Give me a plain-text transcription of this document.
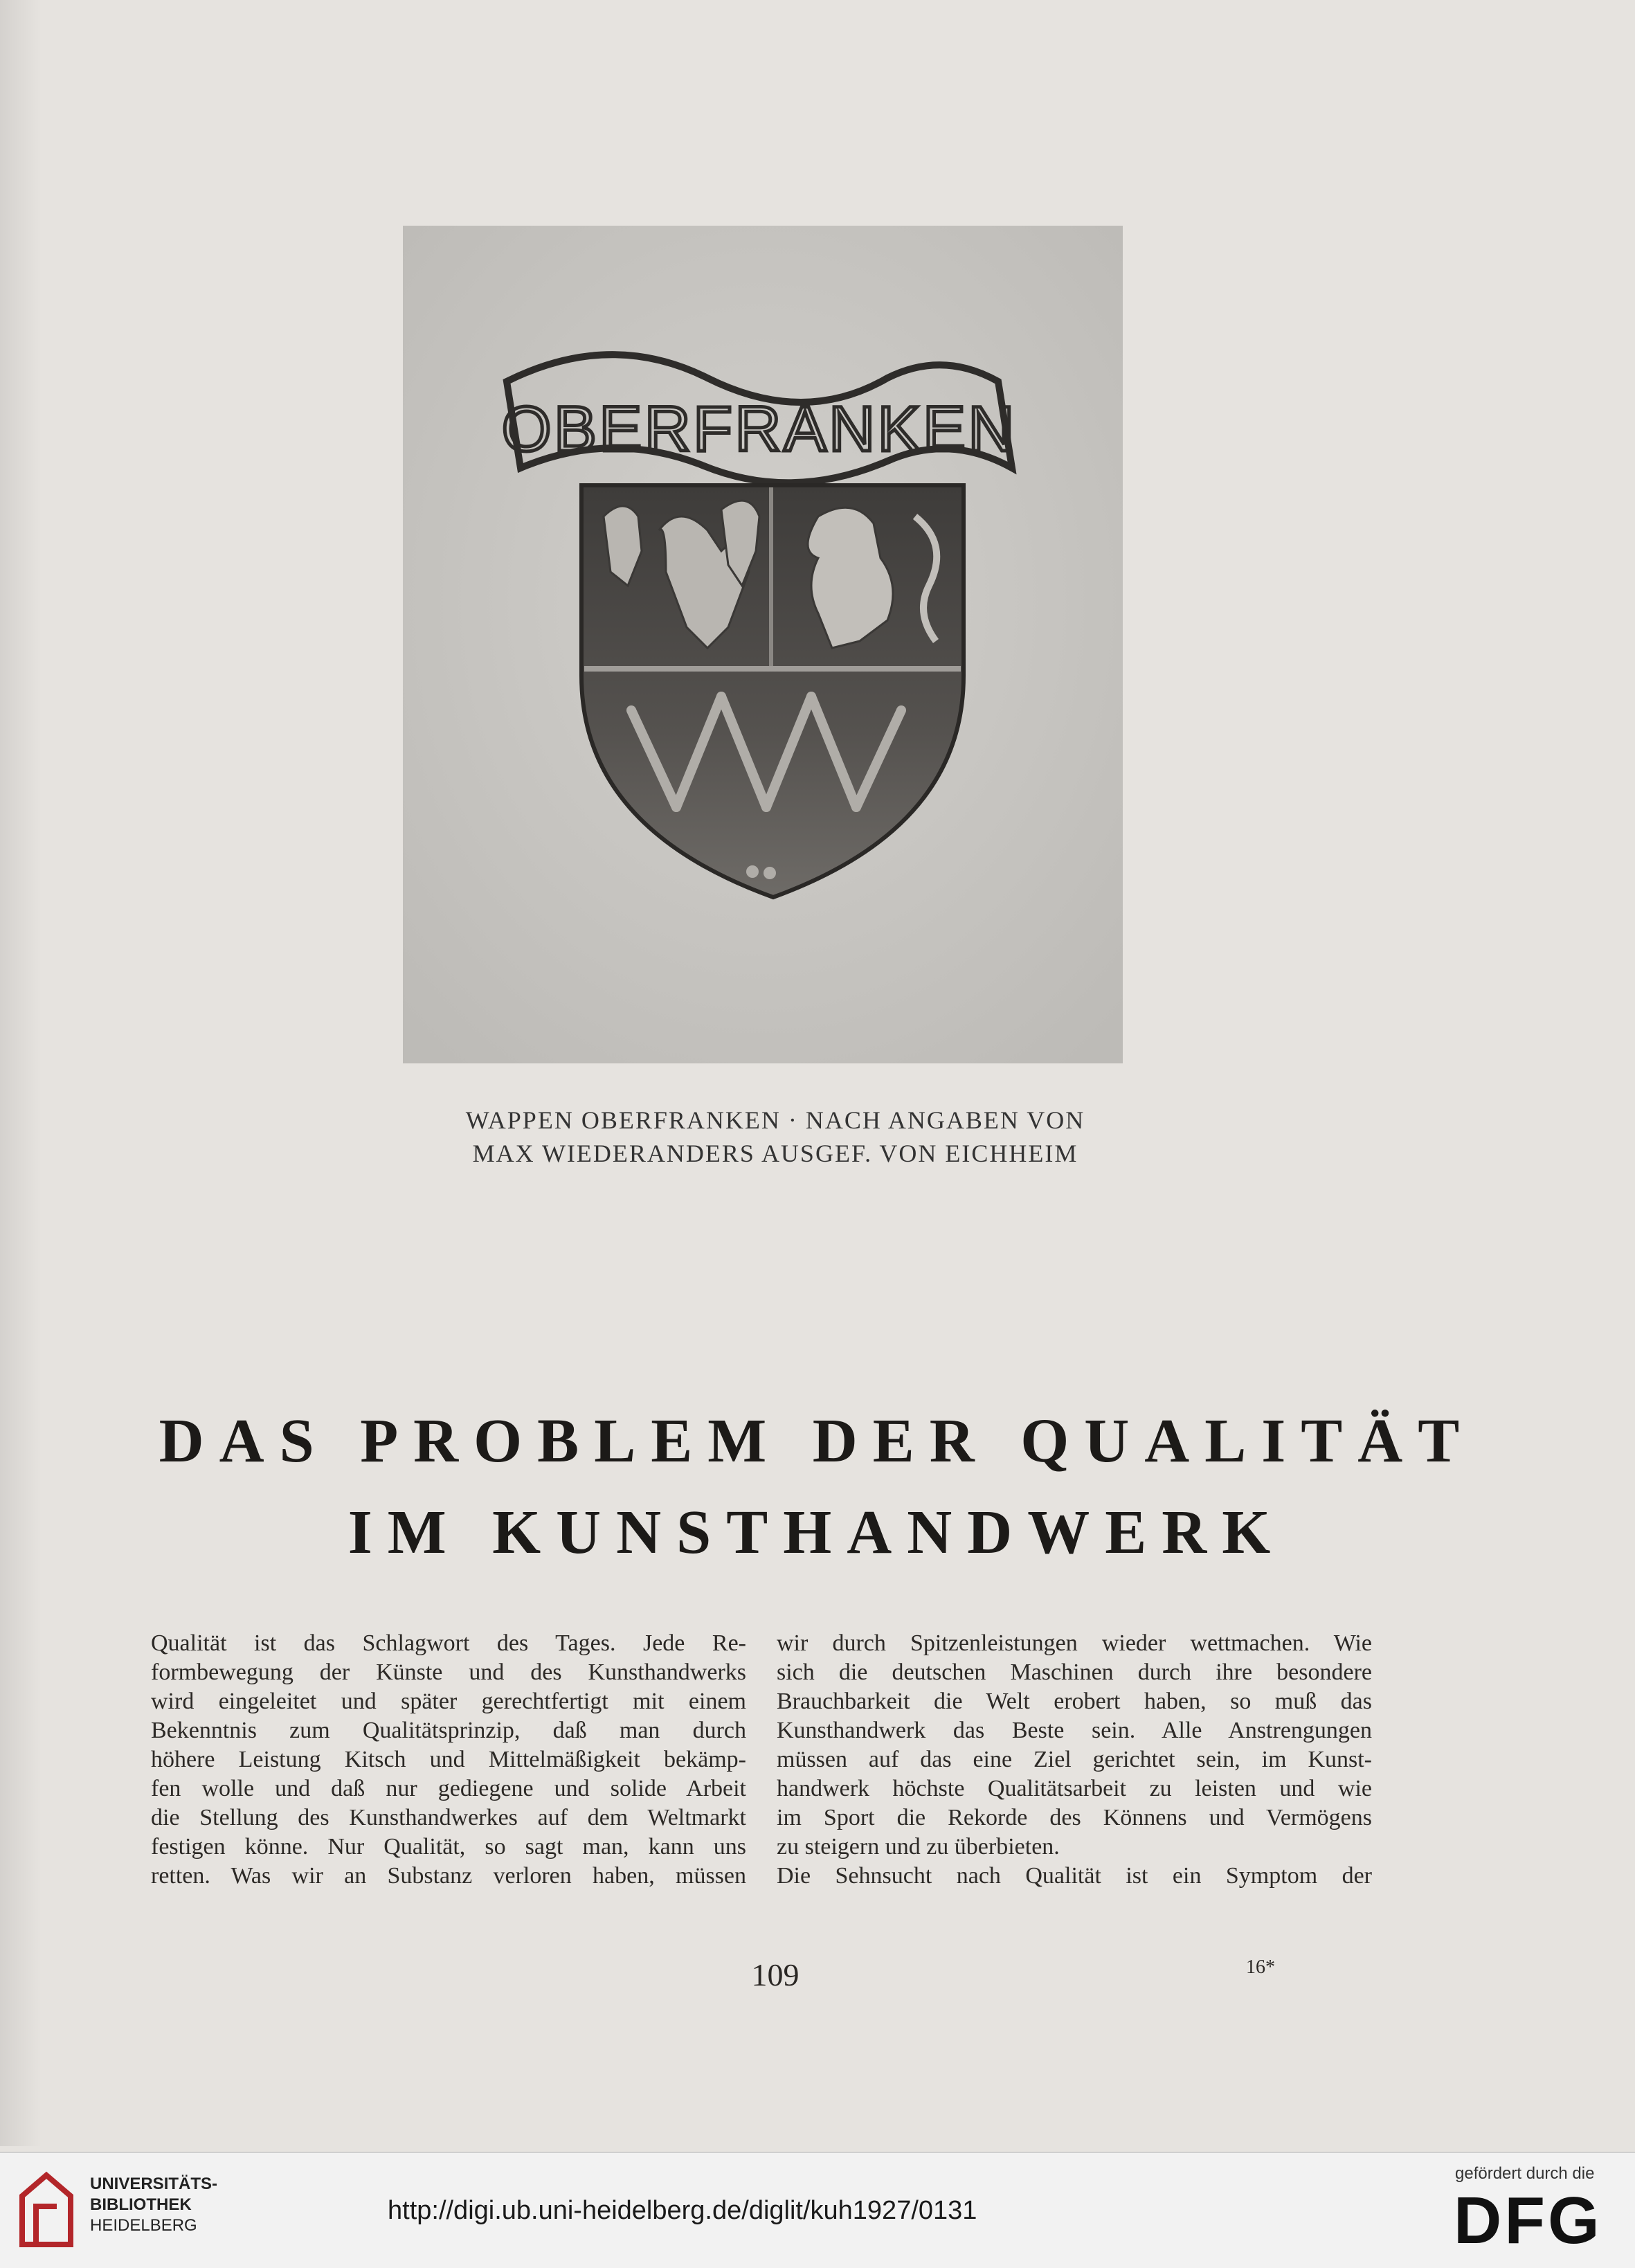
OBERFRANKEN
WAPPEN OBERFRANKEN · NACH ANGABEN VON
MAX WIEDERANDERS AUSGEF. VON EICHHEIM
DAS PROBLEM DER QUALITÄT
IM KUNSTHANDWERK
Qualität ist das Schlagwort des Tages. Jede Re-
formbewegung der Künste und des Kunsthandwerks
wird eingeleitet und später gerechtfertigt mit einem
Bekenntnis zum Qualitätsprinzip, daß man durch
höhere Leistung Kitsch und Mittelmäßigkeit bekämp-
fen wolle und daß nur gediegene und solide Arbeit
die Stellung des Kunsthandwerkes auf dem Weltmarkt
festigen könne. Nur Qualität, so sagt man, kann uns
retten. Was wir an Substanz verloren haben, müssen
wir durch Spitzenleistungen wieder wettmachen. Wie
sich die deutschen Maschinen durch ihre besondere
Brauchbarkeit die Welt erobert haben, so muß das
Kunsthandwerk das Beste sein. Alle Anstrengungen
müssen auf das eine Ziel gerichtet sein, im Kunst-
handwerk höchste Qualitätsarbeit zu leisten und wie
im Sport die Rekorde des Könnens und Vermögens
zu steigern und zu überbieten.
Die Sehnsucht nach Qualität ist ein Symptom der
109	16*
UNIVERSITÄTS-
BIBLIOTHEK
HEIDELBERG
http://digi.ub.uni-heidelberg.de/diglit/kuh1927/0131
gefördert durch die
DFG
